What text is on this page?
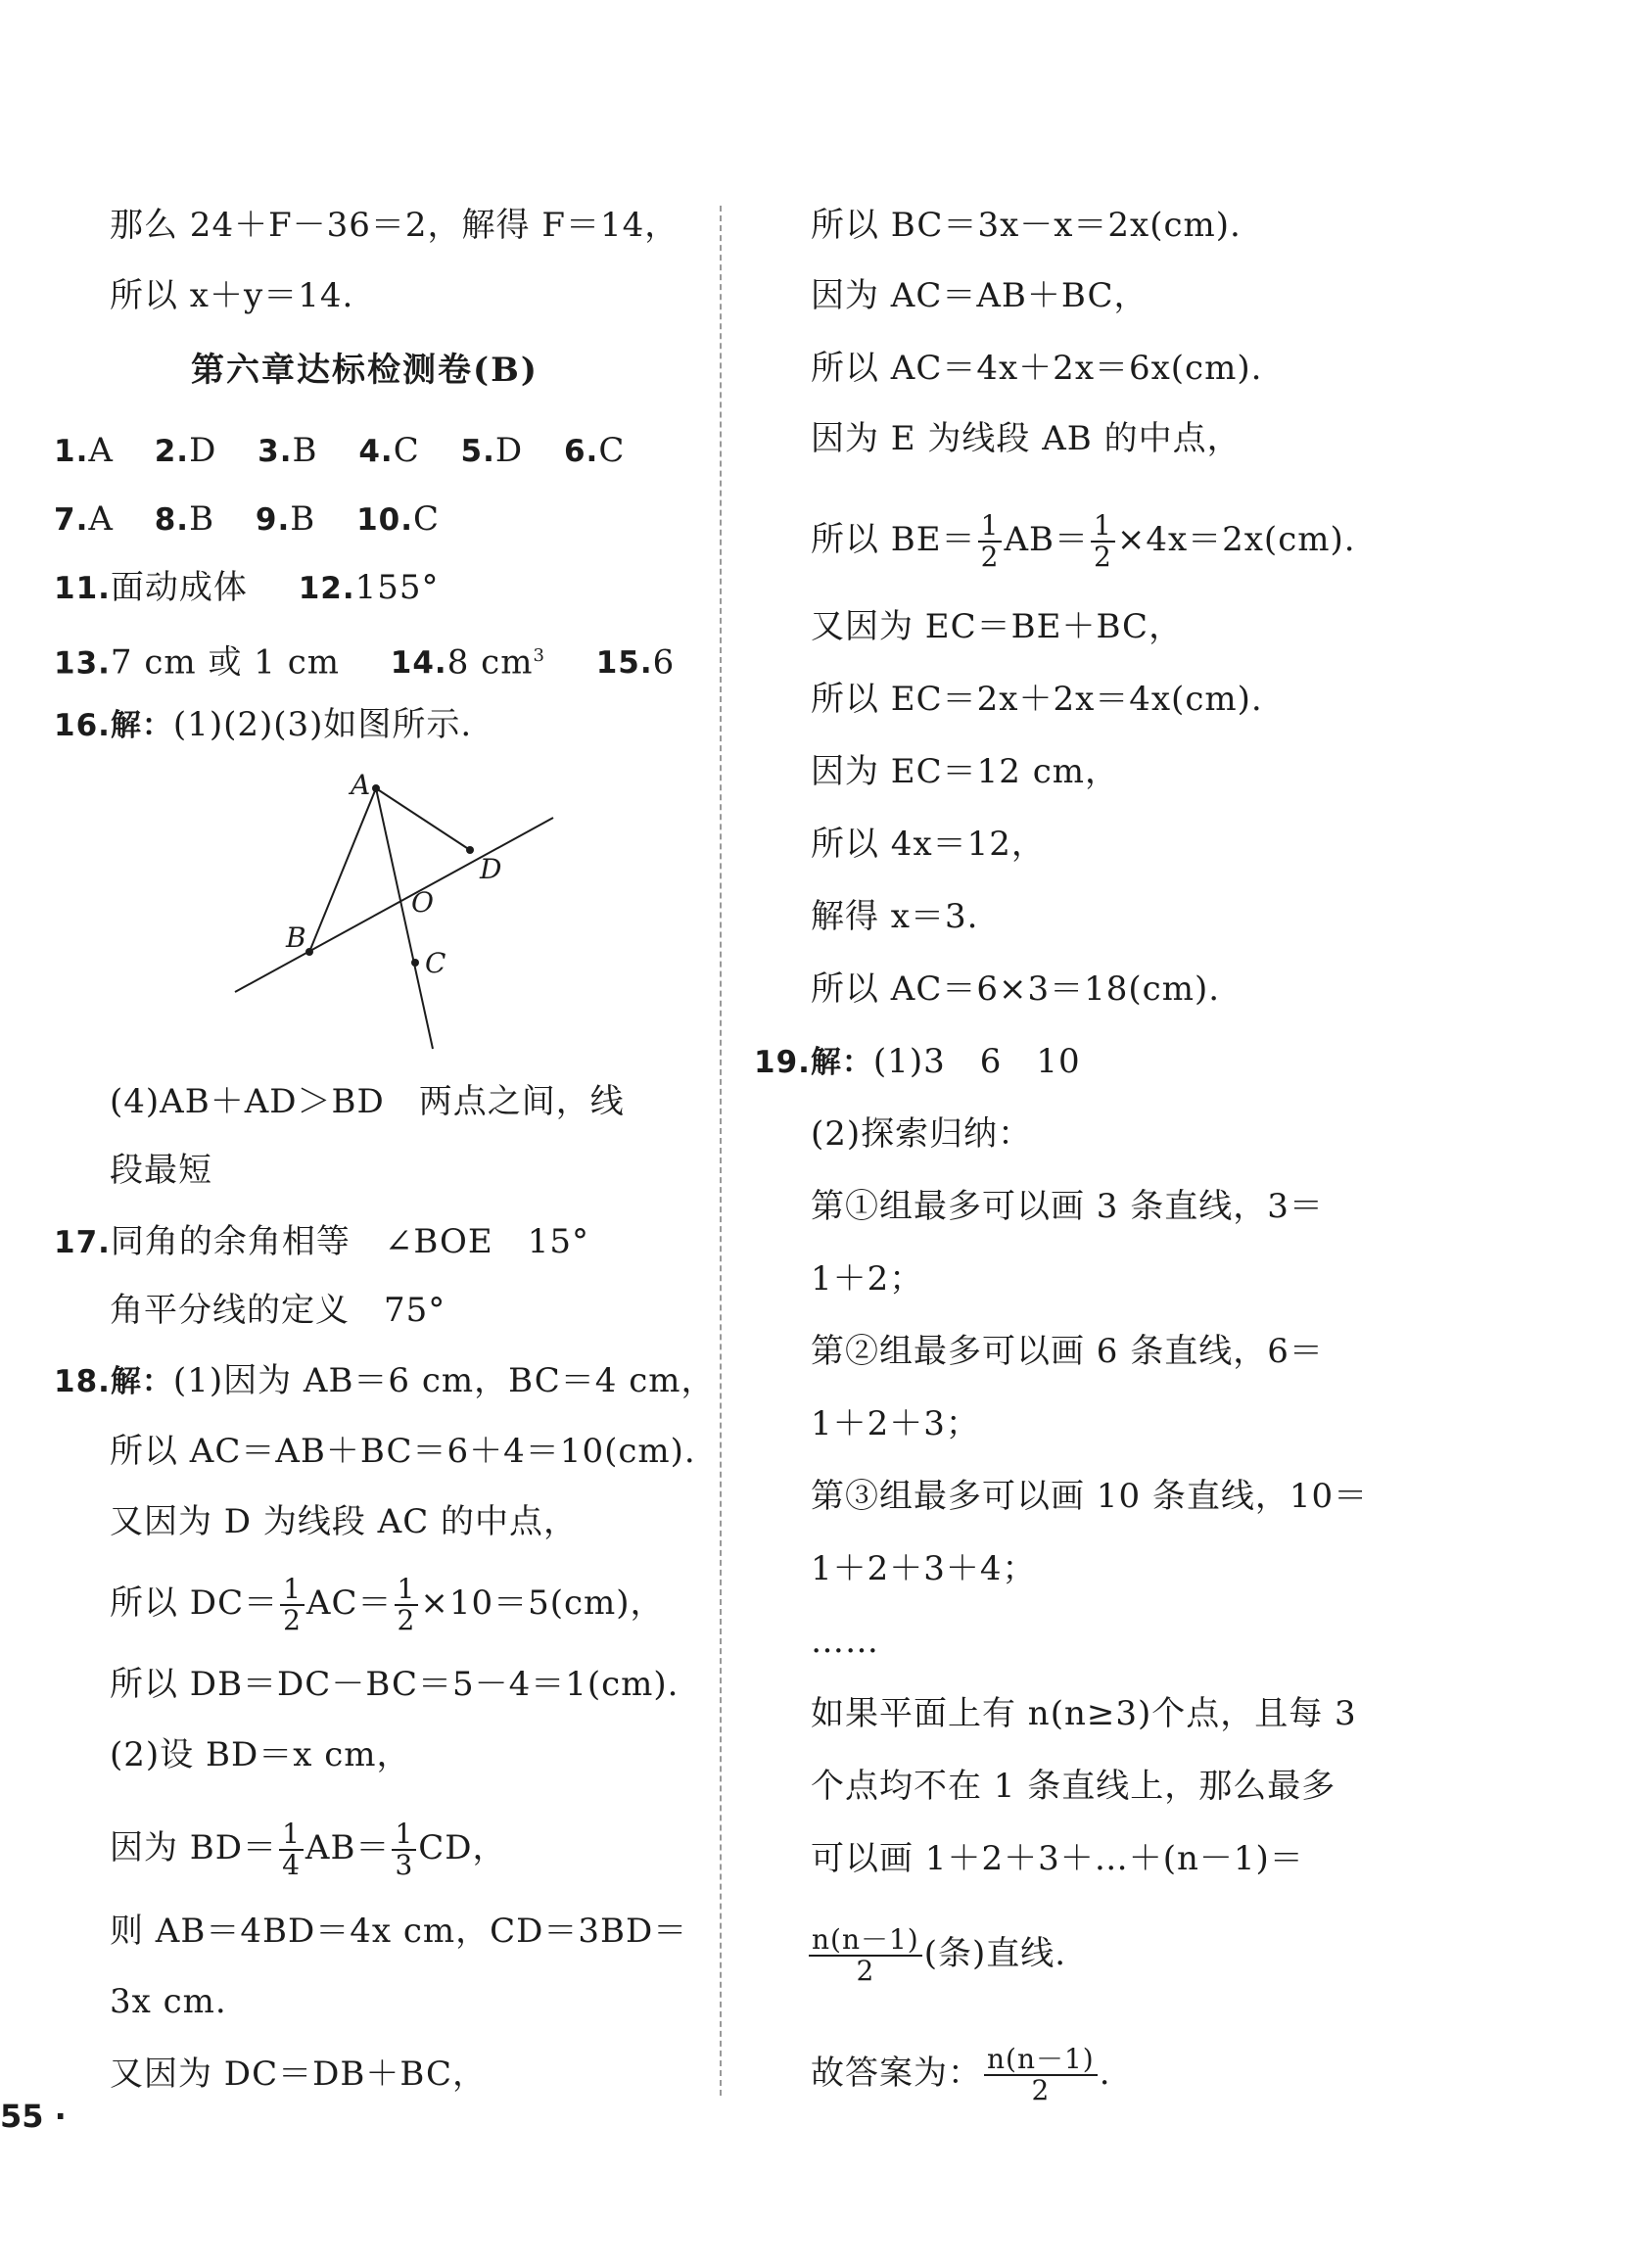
那么 24＋F－36＝2，解得 F＝14，
所以 x＋y＝14.
第六章达标检测卷(B)
1.A 2.D 3.B 4.C 5.D 6.C
7.A 8.B 9.B 10.C
11.面动成体 12.155°
13.7 cm 或 1 cm 14.8 $cm^3$ 15.6
16.解：(1)(2)(3)如图所示.
(4)AB＋AD＞BD　两点之间，线
段最短
17.同角的余角相等　∠BOE　15°
角平分线的定义　75°
18.解：(1)因为 AB＝6 cm，BC＝4 cm，
所以 AC＝AB＋BC＝6＋4＝10(cm).
又因为 D 为线段 AC 的中点，
所以 $DC= \frac{1}{2} AC= \frac{1}{2} \times 10=5(cm)$，
所以 DB＝DC－BC＝5－4＝1(cm).
(2)设 BD＝x cm，
因为 $BD= \frac{1}{4} AB= \frac{1}{3}$ CD，
则 AB＝4BD＝4x cm，CD＝3BD＝
3x cm.
又因为 DC＝DB＋BC，
A
B
D
O
C
所以 BC＝3x－x＝2x(cm).
因为 AC＝AB＋BC，
所以 AC＝4x＋2x＝6x(cm).
因为 E 为线段 AB 的中点，
所以 $BE= \frac{1}{2} AB= \frac{1}{2} \times 4x=2x(cm)$.
又因为 EC＝BE＋BC，
所以 EC＝2x＋2x＝4x(cm).
因为 EC＝12 cm，
所以 4x＝12，
解得 x＝3.
所以 AC＝6×3＝18(cm).
19.解：(1)3　6　10
(2)探索归纳：
第①组最多可以画 3 条直线，3＝
1＋2；
第②组最多可以画 6 条直线，6＝
1＋2＋3；
第③组最多可以画 10 条直线，10＝
1＋2＋3＋4；
……
如果平面上有 n(n≥3)个点，且每 3
个点均不在 1 条直线上，那么最多
可以画 1＋2＋3＋…＋(n－1)＝
$\frac{n(n-1)}{2}$ (条)直线.
故答案为： $\frac{n(n-1)}{2}$ .
55 ·
